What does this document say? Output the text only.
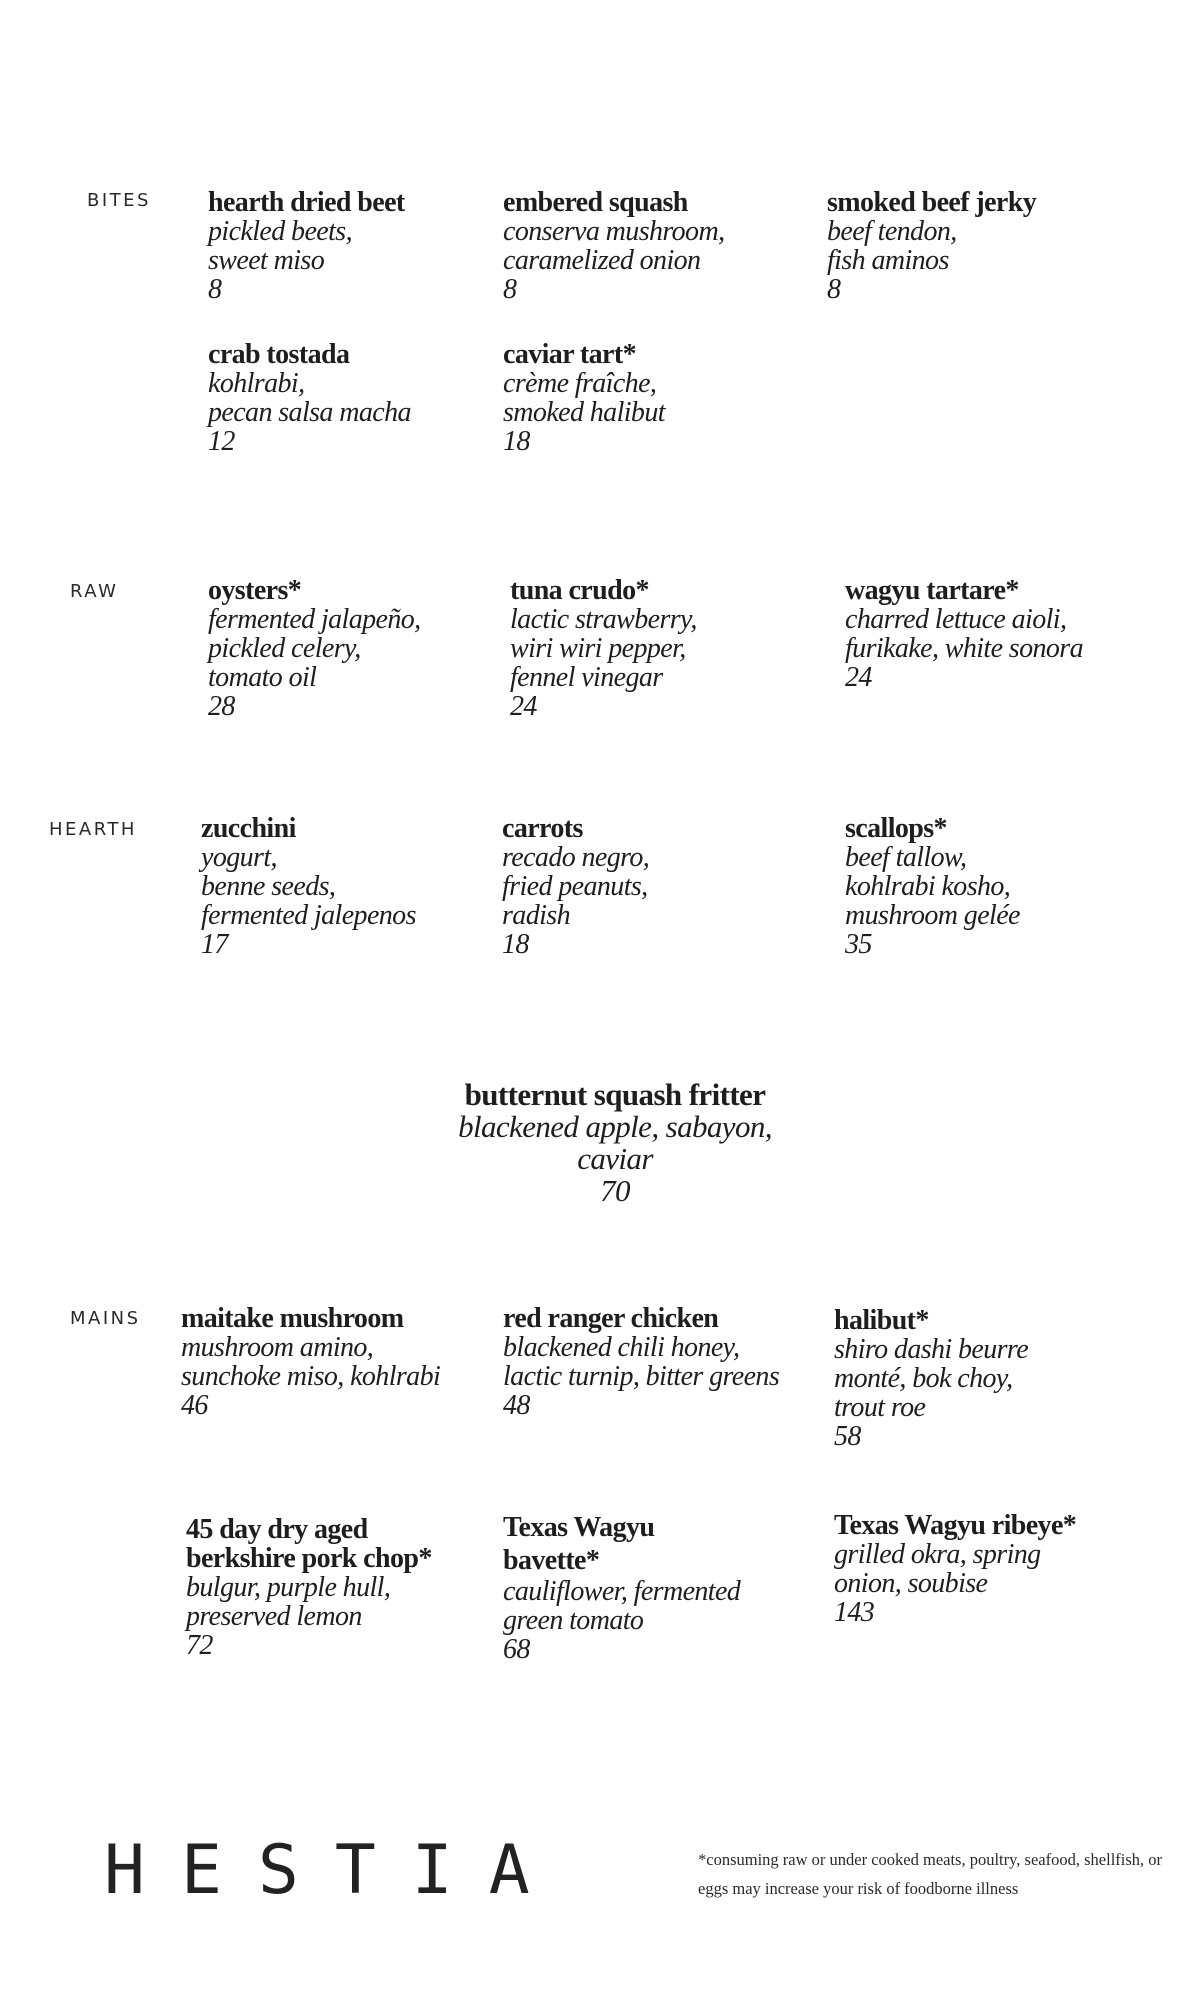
BITES
RAW
HEARTH
MAINS
hearth dried beet
pickled beets,
sweet miso
8
embered squash
conserva mushroom,
caramelized onion
8
smoked beef jerky
beef tendon,
fish aminos
8
crab tostada
kohlrabi,
pecan salsa macha
12
caviar tart*
crème fraîche,
smoked halibut
18
oysters*
fermented jalapeño,
pickled celery,
tomato oil
28
tuna crudo*
lactic strawberry,
wiri wiri pepper,
fennel vinegar
24
wagyu tartare*
charred lettuce aioli,
furikake, white sonora
24
zucchini
yogurt,
benne seeds,
fermented jalepenos
17
carrots
recado negro,
fried peanuts,
radish
18
scallops*
beef tallow,
kohlrabi kosho,
mushroom gelée
35
butternut squash fritter
blackened apple, sabayon,
caviar
70
maitake mushroom
mushroom amino,
sunchoke miso, kohlrabi
46
red ranger chicken
blackened chili honey,
lactic turnip, bitter greens
48
halibut*
shiro dashi beurre
monté, bok choy,
trout roe
58
45 day dry aged
berkshire pork chop*
bulgur, purple hull,
preserved lemon
72
Texas Wagyu
bavette*
cauliflower, fermented
green tomato
68
Texas Wagyu ribeye*
grilled okra, spring
onion, soubise
143
HESTIA	*consuming raw or under cooked meats, poultry, seafood, shellfish, or eggs may increase your risk of foodborne illness
